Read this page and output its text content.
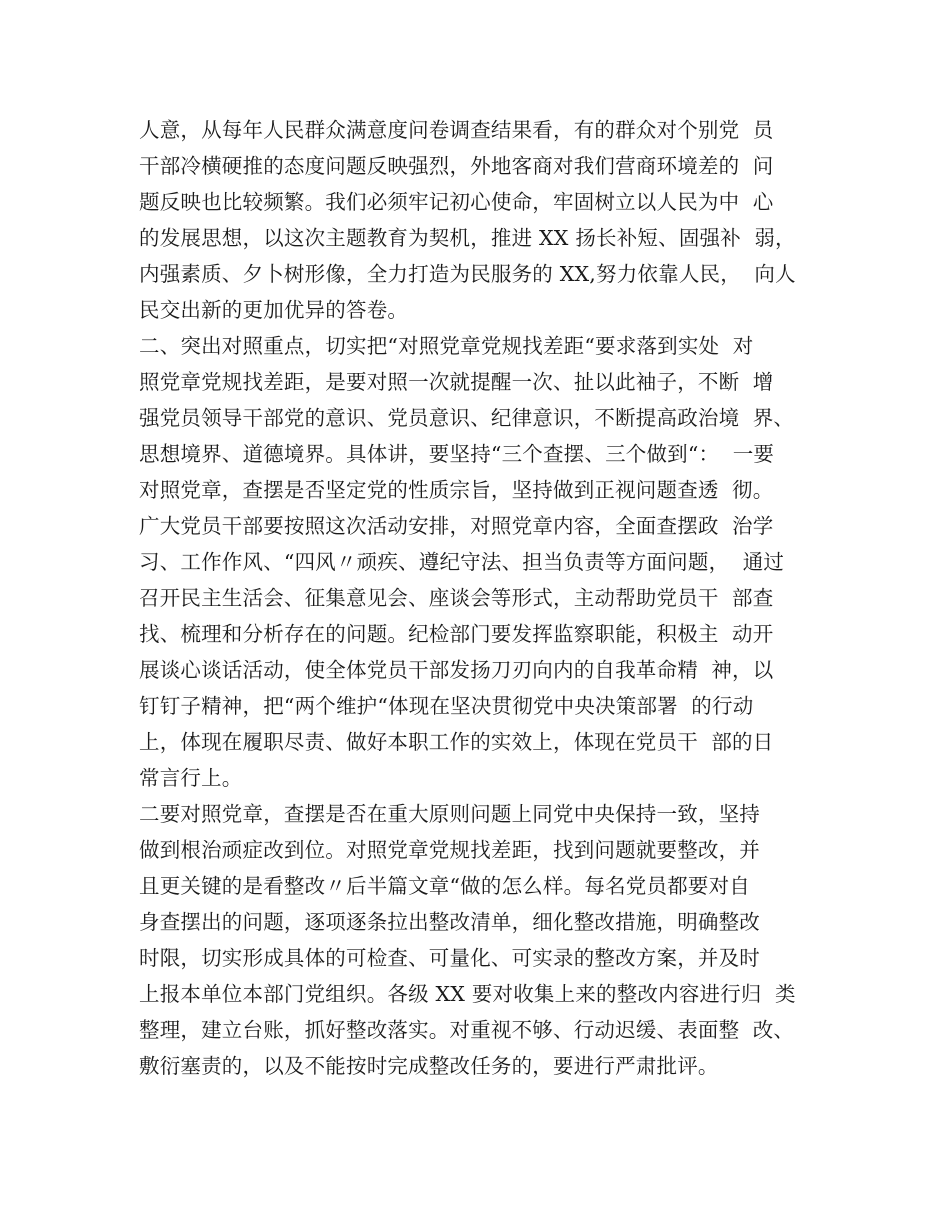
人意，从每年人民群众满意度问卷调查结果看，有的群众对个别党  员
干部冷横硬推的态度问题反映强烈，外地客商对我们营商环境差的  问
题反映也比较频繁。我们必须牢记初心使命，牢固树立以人民为中  心
的发展思想，以这次主题教育为契机，推进 XX 扬长补短、固强补  弱，
内强素质、夕卜树形像，全力打造为民服务的 XX,努力依靠人民，  向人
民交出新的更加优异的答卷。
二、突出对照重点，切实把“对照党章党规找差距“要求落到实处  对
照党章党规找差距，是要对照一次就提醒一次、扯以此袖子，不断  增
强党员领导干部党的意识、党员意识、纪律意识，不断提高政治境  界、
思想境界、道德境界。具体讲，要坚持“三个查摆、三个做到“：  一要
对照党章，查摆是否坚定党的性质宗旨，坚持做到正视问题查透  彻。
广大党员干部要按照这次活动安排，对照党章内容，全面查摆政  治学
习、工作作风、“四风〃顽疾、遵纪守法、担当负责等方面问题，  通过
召开民主生活会、征集意见会、座谈会等形式，主动帮助党员干  部查
找、梳理和分析存在的问题。纪检部门要发挥监察职能，积极主  动开
展谈心谈话活动，使全体党员干部发扬刀刃向内的自我革命精  神，以
钉钉子精神，把“两个维护“体现在坚决贯彻党中央决策部署  的行动
上，体现在履职尽责、做好本职工作的实效上，体现在党员干  部的日
常言行上。
二要对照党章，查摆是否在重大原则问题上同党中央保持一致，坚持
做到根治顽症改到位。对照党章党规找差距，找到问题就要整改，并
且更关键的是看整改〃后半篇文章“做的怎么样。每名党员都要对自
身查摆出的问题，逐项逐条拉出整改清单，细化整改措施，明确整改
时限，切实形成具体的可检查、可量化、可实录的整改方案，并及时
上报本单位本部门党组织。各级 XX 要对收集上来的整改内容进行归  类
整理，建立台账，抓好整改落实。对重视不够、行动迟缓、表面整  改、
敷衍塞责的，以及不能按时完成整改任务的，要进行严肃批评。
